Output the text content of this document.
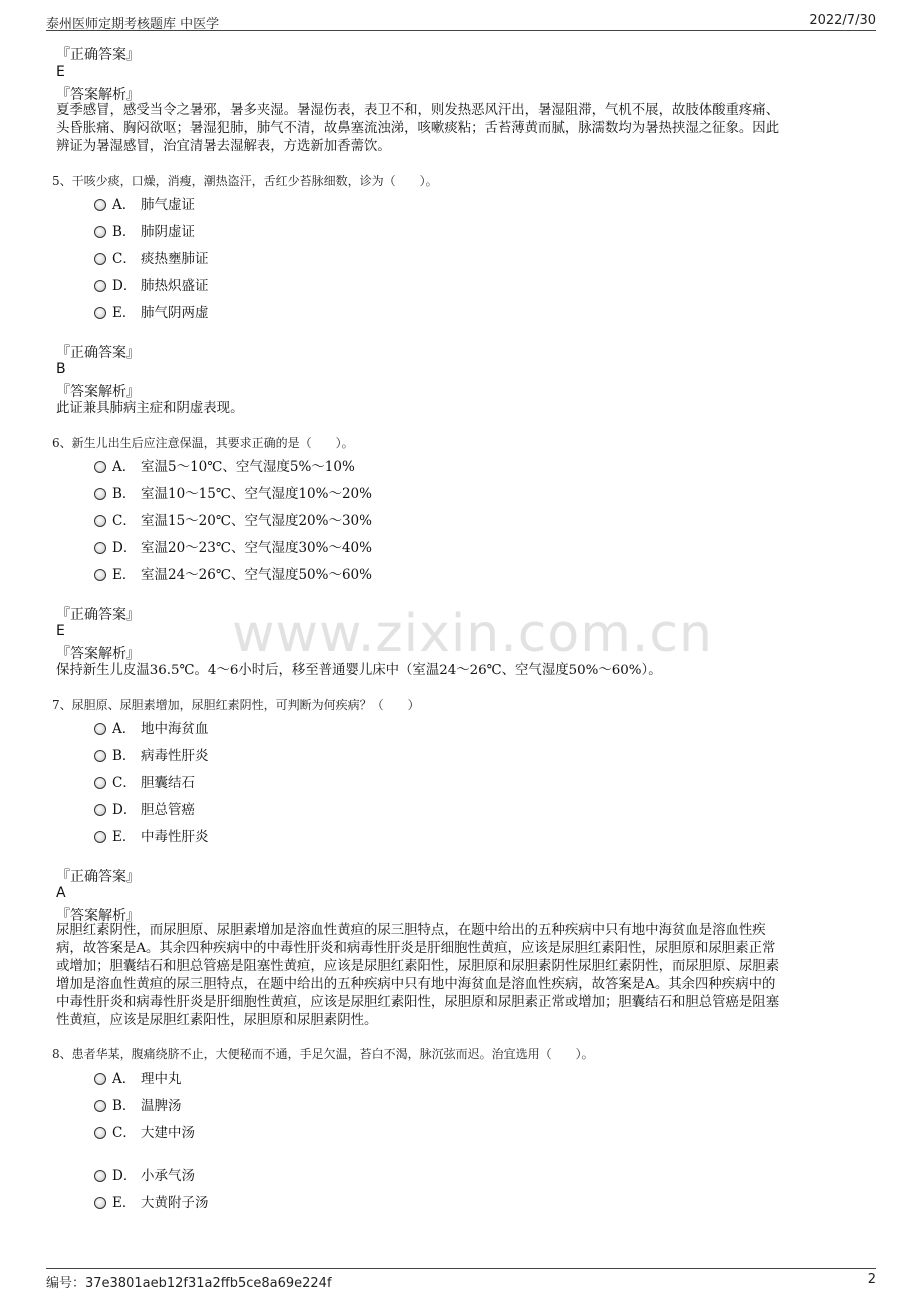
泰州医师定期考核题库 中医学	2022/7/30
www.zixin.com.cn
『正确答案』
E
『答案解析』
夏季感冒，感受当令之暑邪，暑多夹湿。暑湿伤表，表卫不和，则发热恶风汗出，暑湿阻滞，气机不展，故肢体酸重疼痛、
头昏胀痛、胸闷欲呕；暑湿犯肺，肺气不清，故鼻塞流浊涕，咳嗽痰粘；舌苔薄黄而腻，脉濡数均为暑热挟湿之征象。因此
辨证为暑湿感冒，治宜清暑去湿解表，方选新加香薷饮。
5、干咳少痰，口燥，消瘦，潮热盗汗，舌红少苔脉细数，诊为（　　）。
A． 肺气虚证
B． 肺阴虚证
C． 痰热壅肺证
D． 肺热炽盛证
E． 肺气阴两虚
『正确答案』
B
『答案解析』
此证兼具肺病主症和阴虚表现。
6、新生儿出生后应注意保温，其要求正确的是（　　）。
A． 室温5～10℃、空气湿度5%～10%
B． 室温10～15℃、空气湿度10%～20%
C． 室温15～20℃、空气湿度20%～30%
D． 室温20～23℃、空气湿度30%～40%
E． 室温24～26℃、空气湿度50%～60%
『正确答案』
E
『答案解析』
保持新生儿皮温36.5℃。4～6小时后，移至普通婴儿床中（室温24～26℃、空气湿度50%～60%）。
7、尿胆原、尿胆素增加，尿胆红素阴性，可判断为何疾病？（　　）
A． 地中海贫血
B． 病毒性肝炎
C． 胆囊结石
D． 胆总管癌
E． 中毒性肝炎
『正确答案』
A
『答案解析』
尿胆红素阴性，而尿胆原、尿胆素增加是溶血性黄疸的尿三胆特点，在题中给出的五种疾病中只有地中海贫血是溶血性疾
病，故答案是A。其余四种疾病中的中毒性肝炎和病毒性肝炎是肝细胞性黄疸，应该是尿胆红素阳性，尿胆原和尿胆素正常
或增加；胆囊结石和胆总管癌是阻塞性黄疸，应该是尿胆红素阳性，尿胆原和尿胆素阴性尿胆红素阴性，而尿胆原、尿胆素
增加是溶血性黄疸的尿三胆特点，在题中给出的五种疾病中只有地中海贫血是溶血性疾病，故答案是A。其余四种疾病中的
中毒性肝炎和病毒性肝炎是肝细胞性黄疸，应该是尿胆红素阳性，尿胆原和尿胆素正常或增加；胆囊结石和胆总管癌是阻塞
性黄疸，应该是尿胆红素阳性，尿胆原和尿胆素阴性。
8、患者华某，腹痛绕脐不止，大便秘而不通，手足欠温，苔白不渴，脉沉弦而迟。治宜选用（　　）。
A． 理中丸
B． 温脾汤
C． 大建中汤
D． 小承气汤
E． 大黄附子汤
编号：37e3801aeb12f31a2ffb5ce8a69e224f	2
